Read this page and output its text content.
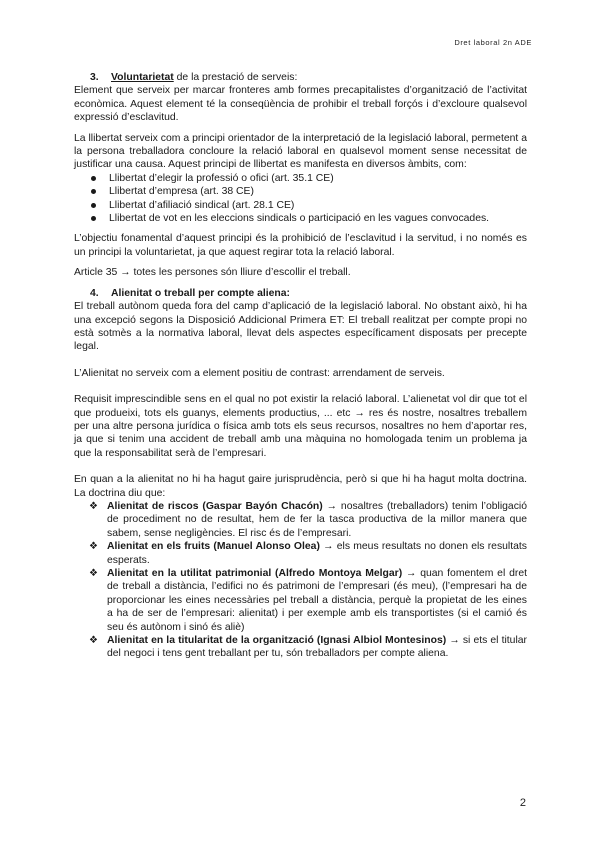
Dret laboral 2n ADE

3. Voluntarietat de la prestació de serveis:

Element que serveix per marcar fronteres amb formes precapitalistes d’organització de l’activitat econòmica. Aquest element té la conseqüència de prohibir el treball forçós i d’excloure qualsevol expressió d’esclavitud.

La llibertat serveix com a principi orientador de la interpretació de la legislació laboral, permetent a la persona treballadora concloure la relació laboral en qualsevol moment sense necessitat de justificar una causa. Aquest principi de llibertat es manifesta en diversos àmbits, com:

Llibertat d’elegir la professió o ofici (art. 35.1 CE)
Llibertat d’empresa (art. 38 CE)
Llibertat d’afiliació sindical (art. 28.1 CE)
Llibertat de vot en les eleccions sindicals o participació en les vagues convocades.

L’objectiu fonamental d’aquest principi és la prohibició de l’esclavitud i la servitud, i no només es un principi la voluntarietat, ja que aquest regirar tota la relació laboral.

Article 35 → totes les persones són lliure d’escollir el treball.

4. Alienitat o treball per compte aliena:

El treball autònom queda fora del camp d’aplicació de la legislació laboral. No obstant això, hi ha una excepció segons la Disposició Addicional Primera ET: El treball realitzat per compte propi no està sotmès a la normativa laboral, llevat dels aspectes específicament disposats per precepte legal.

L’Alienitat no serveix com a element positiu de contrast: arrendament de serveis.

Requisit imprescindible sens en el qual no pot existir la relació laboral. L’alienetat vol dir que tot el que produeixi, tots els guanys, elements productius, ... etc → res és nostre, nosaltres treballem per una altre persona jurídica o física amb tots els seus recursos, nosaltres no hem d’aportar res, ja que si tenim una accident de treball amb una màquina no homologada tenim un problema ja que la responsabilitat serà de l’empresari.

En quan a la alienitat no hi ha hagut gaire jurisprudència, però si que hi ha hagut molta doctrina. La doctrina diu que:

❖ Alienitat de riscos (Gaspar Bayón Chacón) → nosaltres (treballadors) tenim l’obligació de procediment no de resultat, hem de fer la tasca productiva de la millor manera que sabem, sense negligències. El risc és de l’empresari.
❖ Alienitat en els fruits (Manuel Alonso Olea) → els meus resultats no donen els resultats esperats.
❖ Alienitat en la utilitat patrimonial (Alfredo Montoya Melgar) → quan fomentem el dret de treball a distància, l’edifici no és patrimoni de l’empresari (és meu), (l’empresari ha de proporcionar les eines necessàries pel treball a distància, perquè la propietat de les eines a ha de ser de l’empresari: alienitat) i per exemple amb els transportistes (si el camió és seu és autònom i sinó és aliè)
❖ Alienitat en la titularitat de la organització (Ignasi Albiol Montesinos) → si ets el titular del negoci i tens gent treballant per tu, són treballadors per compte aliena.
2
